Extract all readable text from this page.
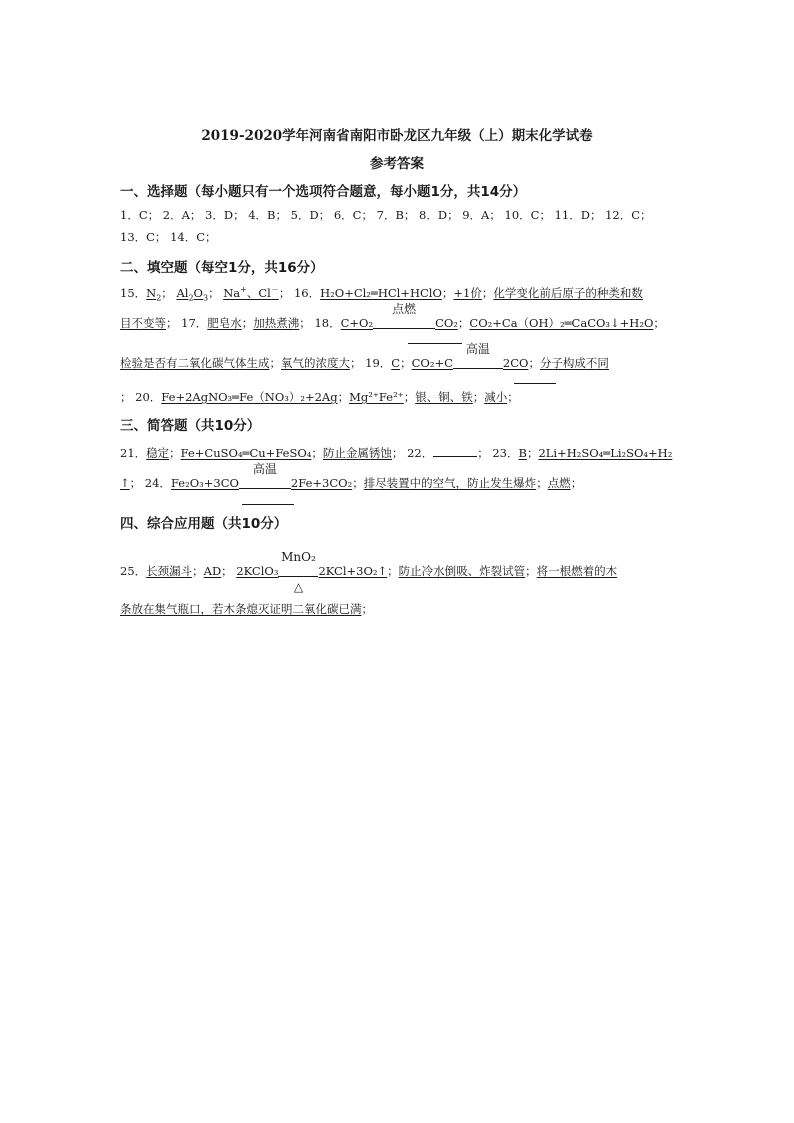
2019-2020学年河南省南阳市卧龙区九年级（上）期末化学试卷
参考答案
一、选择题（每小题只有一个选项符合题意，每小题1分，共14分）
1．C； 2．A； 3．D； 4．B； 5．D； 6．C； 7．B； 8．D； 9．A； 10．C； 11．D； 12．C；
13．C； 14．C；
二、填空题（每空1分，共16分）
15．$N_2$； $Al_2O_3$； Na+、Cl－； 16．H₂O+Cl₂═HCl+HClO；+1价；化学变化前后原子的种类和数
目不变等； 17．肥皂水；加热煮沸； 18．C+O₂
点燃
CO₂；CO₂+Ca（OH）₂═CaCO₃↓+H₂O；
检验是否有二氧化碳气体生成；氧气的浓度大； 19．C；CO₂+C
高温
2CO；分子构成不同
； 20．Fe+2AgNO₃═Fe（NO₃）₂+2Ag；Mg²⁺Fe²⁺；银、铜、铁；减小；
三、简答题（共10分）
21．稳定；Fe+CuSO₄═Cu+FeSO₄；防止金属锈蚀； 22．	； 23．B；2Li+H₂SO₄═Li₂SO₄+H₂
↑； 24．Fe₂O₃+3CO
高温
2Fe+3CO₂；排尽装置中的空气，防止发生爆炸；点燃；
四、综合应用题（共10分）
25．长颈漏斗；AD； 2KClO₃
MnO₂
△
2KCl+3O₂↑；防止冷水倒吸、炸裂试管；将一根燃着的木
条放在集气瓶口，若木条熄灭证明二氧化碳已满；
